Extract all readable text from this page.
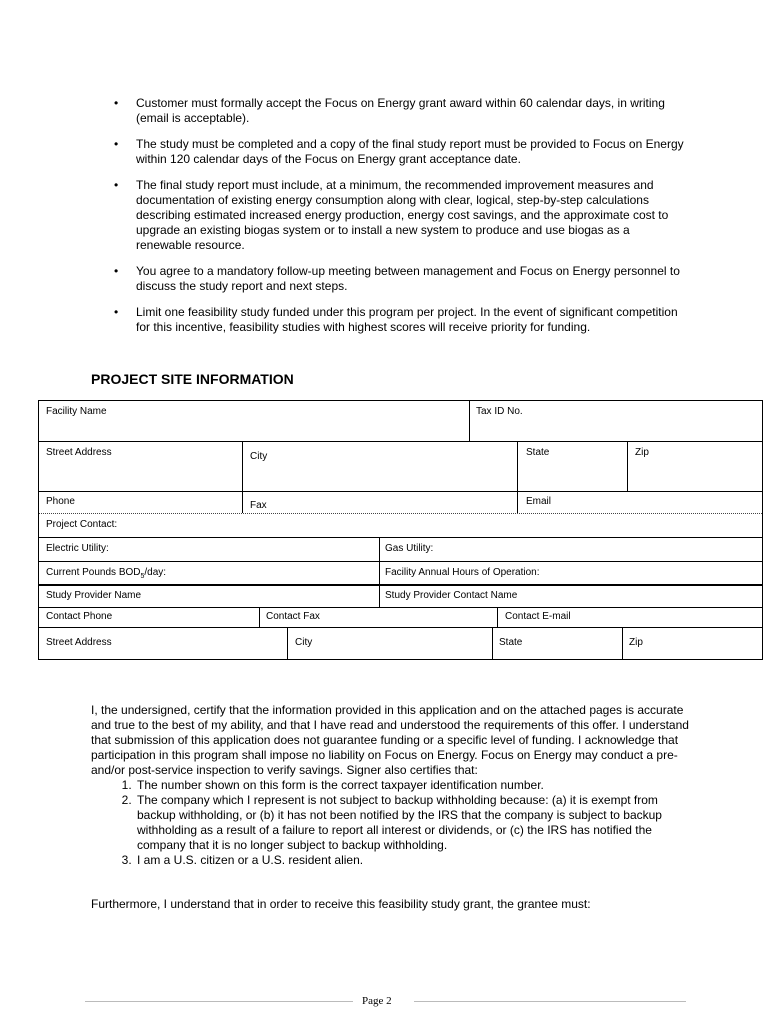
• Customer must formally accept the Focus on Energy grant award within 60 calendar days, in writing (email is acceptable).
• The study must be completed and a copy of the final study report must be provided to Focus on Energy within 120 calendar days of the Focus on Energy grant acceptance date.
• The final study report must include, at a minimum, the recommended improvement measures and documentation of existing energy consumption along with clear, logical, step-by-step calculations describing estimated increased energy production, energy cost savings, and the approximate cost to upgrade an existing biogas system or to install a new system to produce and use biogas as a renewable resource.
• You agree to a mandatory follow-up meeting between management and Focus on Energy personnel to discuss the study report and next steps.
• Limit one feasibility study funded under this program per project. In the event of significant competition for this incentive, feasibility studies with highest scores will receive priority for funding.
PROJECT SITE INFORMATION
Facility Name	Tax ID No.
Street Address	City	State	Zip
Phone	Fax	Email
Project Contact:
Electric Utility:	Gas Utility:
Current Pounds $BOD_5$/day:	Facility Annual Hours of Operation:
Study Provider Name	Study Provider Contact Name
Contact Phone	Contact Fax	Contact E-mail
Street Address	City	State	Zip

I, the undersigned, certify that the information provided in this application and on the attached pages is accurate and true to the best of my ability, and that I have read and understood the requirements of this offer. I understand that submission of this application does not guarantee funding or a specific level of funding. I acknowledge that participation in this program shall impose no liability on Focus on Energy. Focus on Energy may conduct a pre- and/or post-service inspection to verify savings. Signer also certifies that:

1. The number shown on this form is the correct taxpayer identification number.
2. The company which I represent is not subject to backup withholding because: (a) it is exempt from backup withholding, or (b) it has not been notified by the IRS that the company is subject to backup withholding as a result of a failure to report all interest or dividends, or (c) the IRS has notified the company that it is no longer subject to backup withholding.
3. I am a U.S. citizen or a U.S. resident alien.

Furthermore, I understand that in order to receive this feasibility study grant, the grantee must:

Page 2
